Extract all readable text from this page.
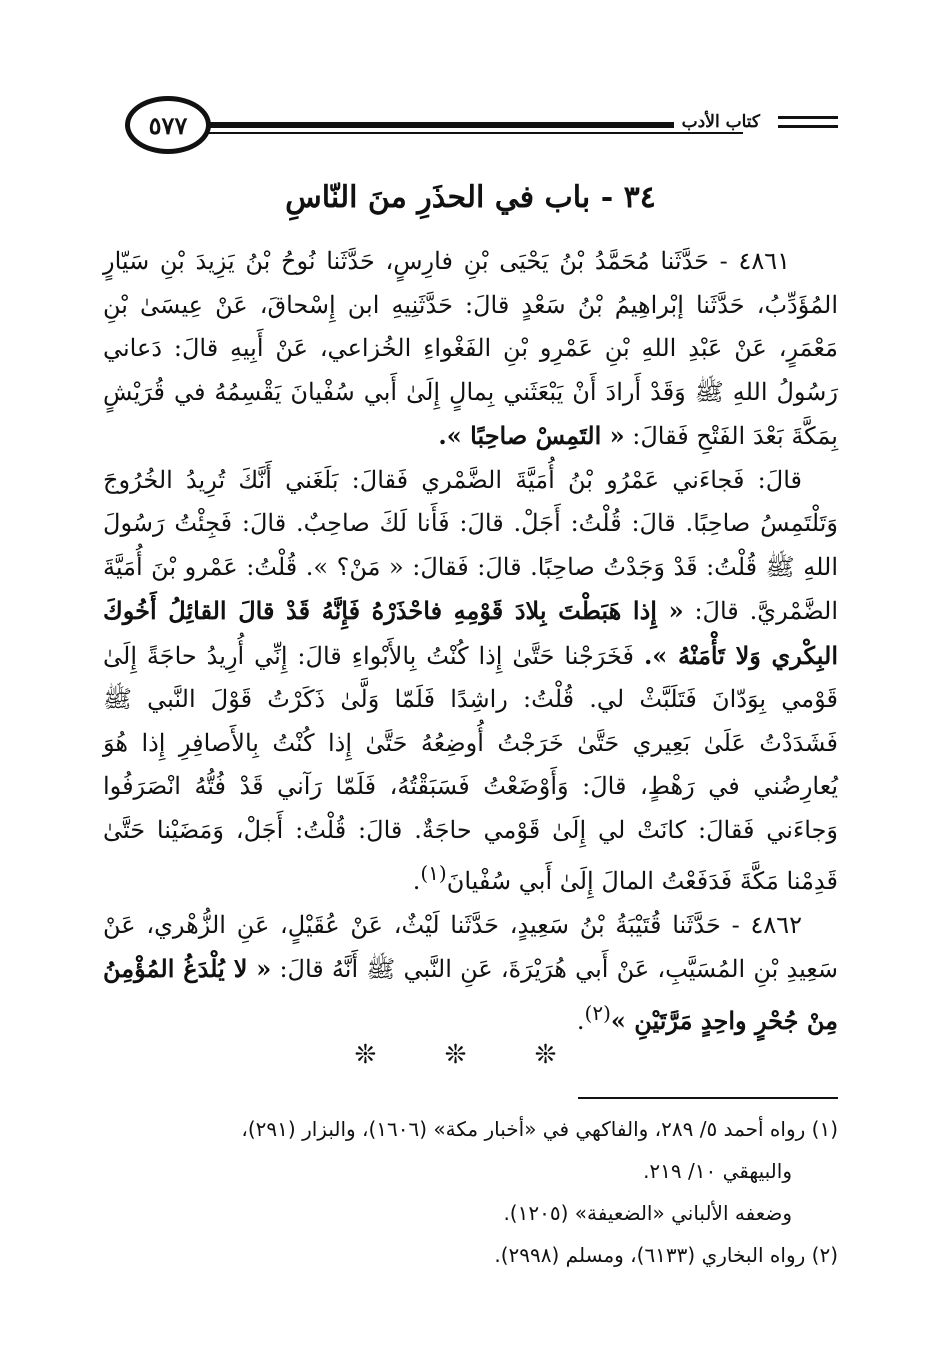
كتاب الأدب
٥٧٧
٣٤ - باب في الحذَرِ منَ النّاسِ

٤٨٦١ - حَدَّثَنا مُحَمَّدُ بْنُ يَحْيَى بْنِ فارِسٍ، حَدَّثَنا نُوحُ بْنُ يَزِيدَ بْنِ سَيّارٍ المُؤَدِّبُ، حَدَّثَنا إبْراهِيمُ بْنُ سَعْدٍ قالَ: حَدَّثَنِيهِ ابن إِسْحاقَ، عَنْ عِيسَىٰ بْنِ مَعْمَرٍ، عَنْ عَبْدِ اللهِ بْنِ عَمْرِو بْنِ الفَغْواءِ الخُزاعي، عَنْ أَبِيهِ قالَ: دَعاني رَسُولُ اللهِ ﷺ وَقَدْ أَرادَ أَنْ يَبْعَثَني بِمالٍ إِلَىٰ أَبي سُفْيانَ يَقْسِمُهُ في قُرَيْشٍ بِمَكَّةَ بَعْدَ الفَتْحِ فَقالَ: « التَمِسْ صاحِبًا ».

قالَ: فَجاءَني عَمْرُو بْنُ أُمَيَّةَ الضَّمْري فَقالَ: بَلَغَني أَنَّكَ تُرِيدُ الخُرُوجَ وَتَلْتَمِسُ صاحِبًا. قالَ: قُلْتُ: أَجَلْ. قالَ: فَأَنا لَكَ صاحِبٌ. قالَ: فَجِئْتُ رَسُولَ اللهِ ﷺ قُلْتُ: قَدْ وَجَدْتُ صاحِبًا. قالَ: فَقالَ: « مَنْ؟ ». قُلْتُ: عَمْرو بْنَ أُمَيَّةَ الضَّمْريَّ. قالَ: « إِذا هَبَطْتَ بِلادَ قَوْمِهِ فاحْذَرْهُ فَإِنَّهُ قَدْ قالَ القائِلُ أَخُوكَ البِكْري وَلا تَأْمَنْهُ ». فَخَرَجْنا حَتَّىٰ إِذا كُنْتُ بِالأَبْواءِ قالَ: إِنِّي أُرِيدُ حاجَةً إِلَىٰ قَوْمي بِوَدّانَ فَتَلَبَّثْ لي. قُلْتُ: راشِدًا فَلَمّا وَلَّىٰ ذَكَرْتُ قَوْلَ النَّبي ﷺ فَشَدَدْتُ عَلَىٰ بَعِيري حَتَّىٰ خَرَجْتُ أُوضِعُهُ حَتَّىٰ إِذا كُنْتُ بِالأَصافِرِ إِذا هُوَ يُعارِضُني في رَهْطٍ، قالَ: وَأَوْضَعْتُ فَسَبَقْتُهُ، فَلَمّا رَآني قَدْ فُتُّهُ انْصَرَفُوا وَجاءَني فَقالَ: كانَتْ لي إِلَىٰ قَوْمي حاجَةٌ. قالَ: قُلْتُ: أَجَلْ، وَمَضَيْنا حَتَّىٰ قَدِمْنا مَكَّةَ فَدَفَعْتُ المالَ إِلَىٰ أَبي سُفْيانَ$^{(١)}$.

٤٨٦٢ - حَدَّثَنا قُتَيْبَةُ بْنُ سَعِيدٍ، حَدَّثَنا لَيْثٌ، عَنْ عُقَيْلٍ، عَنِ الزُّهْري، عَنْ سَعِيدِ بْنِ المُسَيَّبِ، عَنْ أَبي هُرَيْرَةَ، عَنِ النَّبي ﷺ أَنَّهُ قالَ: « لا يُلْدَغُ المُؤْمِنُ مِنْ جُحْرٍ واحِدٍ مَرَّتَيْنِ »$^{(٢)}$.

❊ ❊ ❊

(١) رواه أحمد ٥/ ٢٨٩، والفاكهي في «أخبار مكة» (١٦٠٦)، والبزار (٢٩١)،

والبيهقي ١٠/ ٢١٩.

وضعفه الألباني «الضعيفة» (١٢٠٥).

(٢) رواه البخاري (٦١٣٣)، ومسلم (٢٩٩٨).
